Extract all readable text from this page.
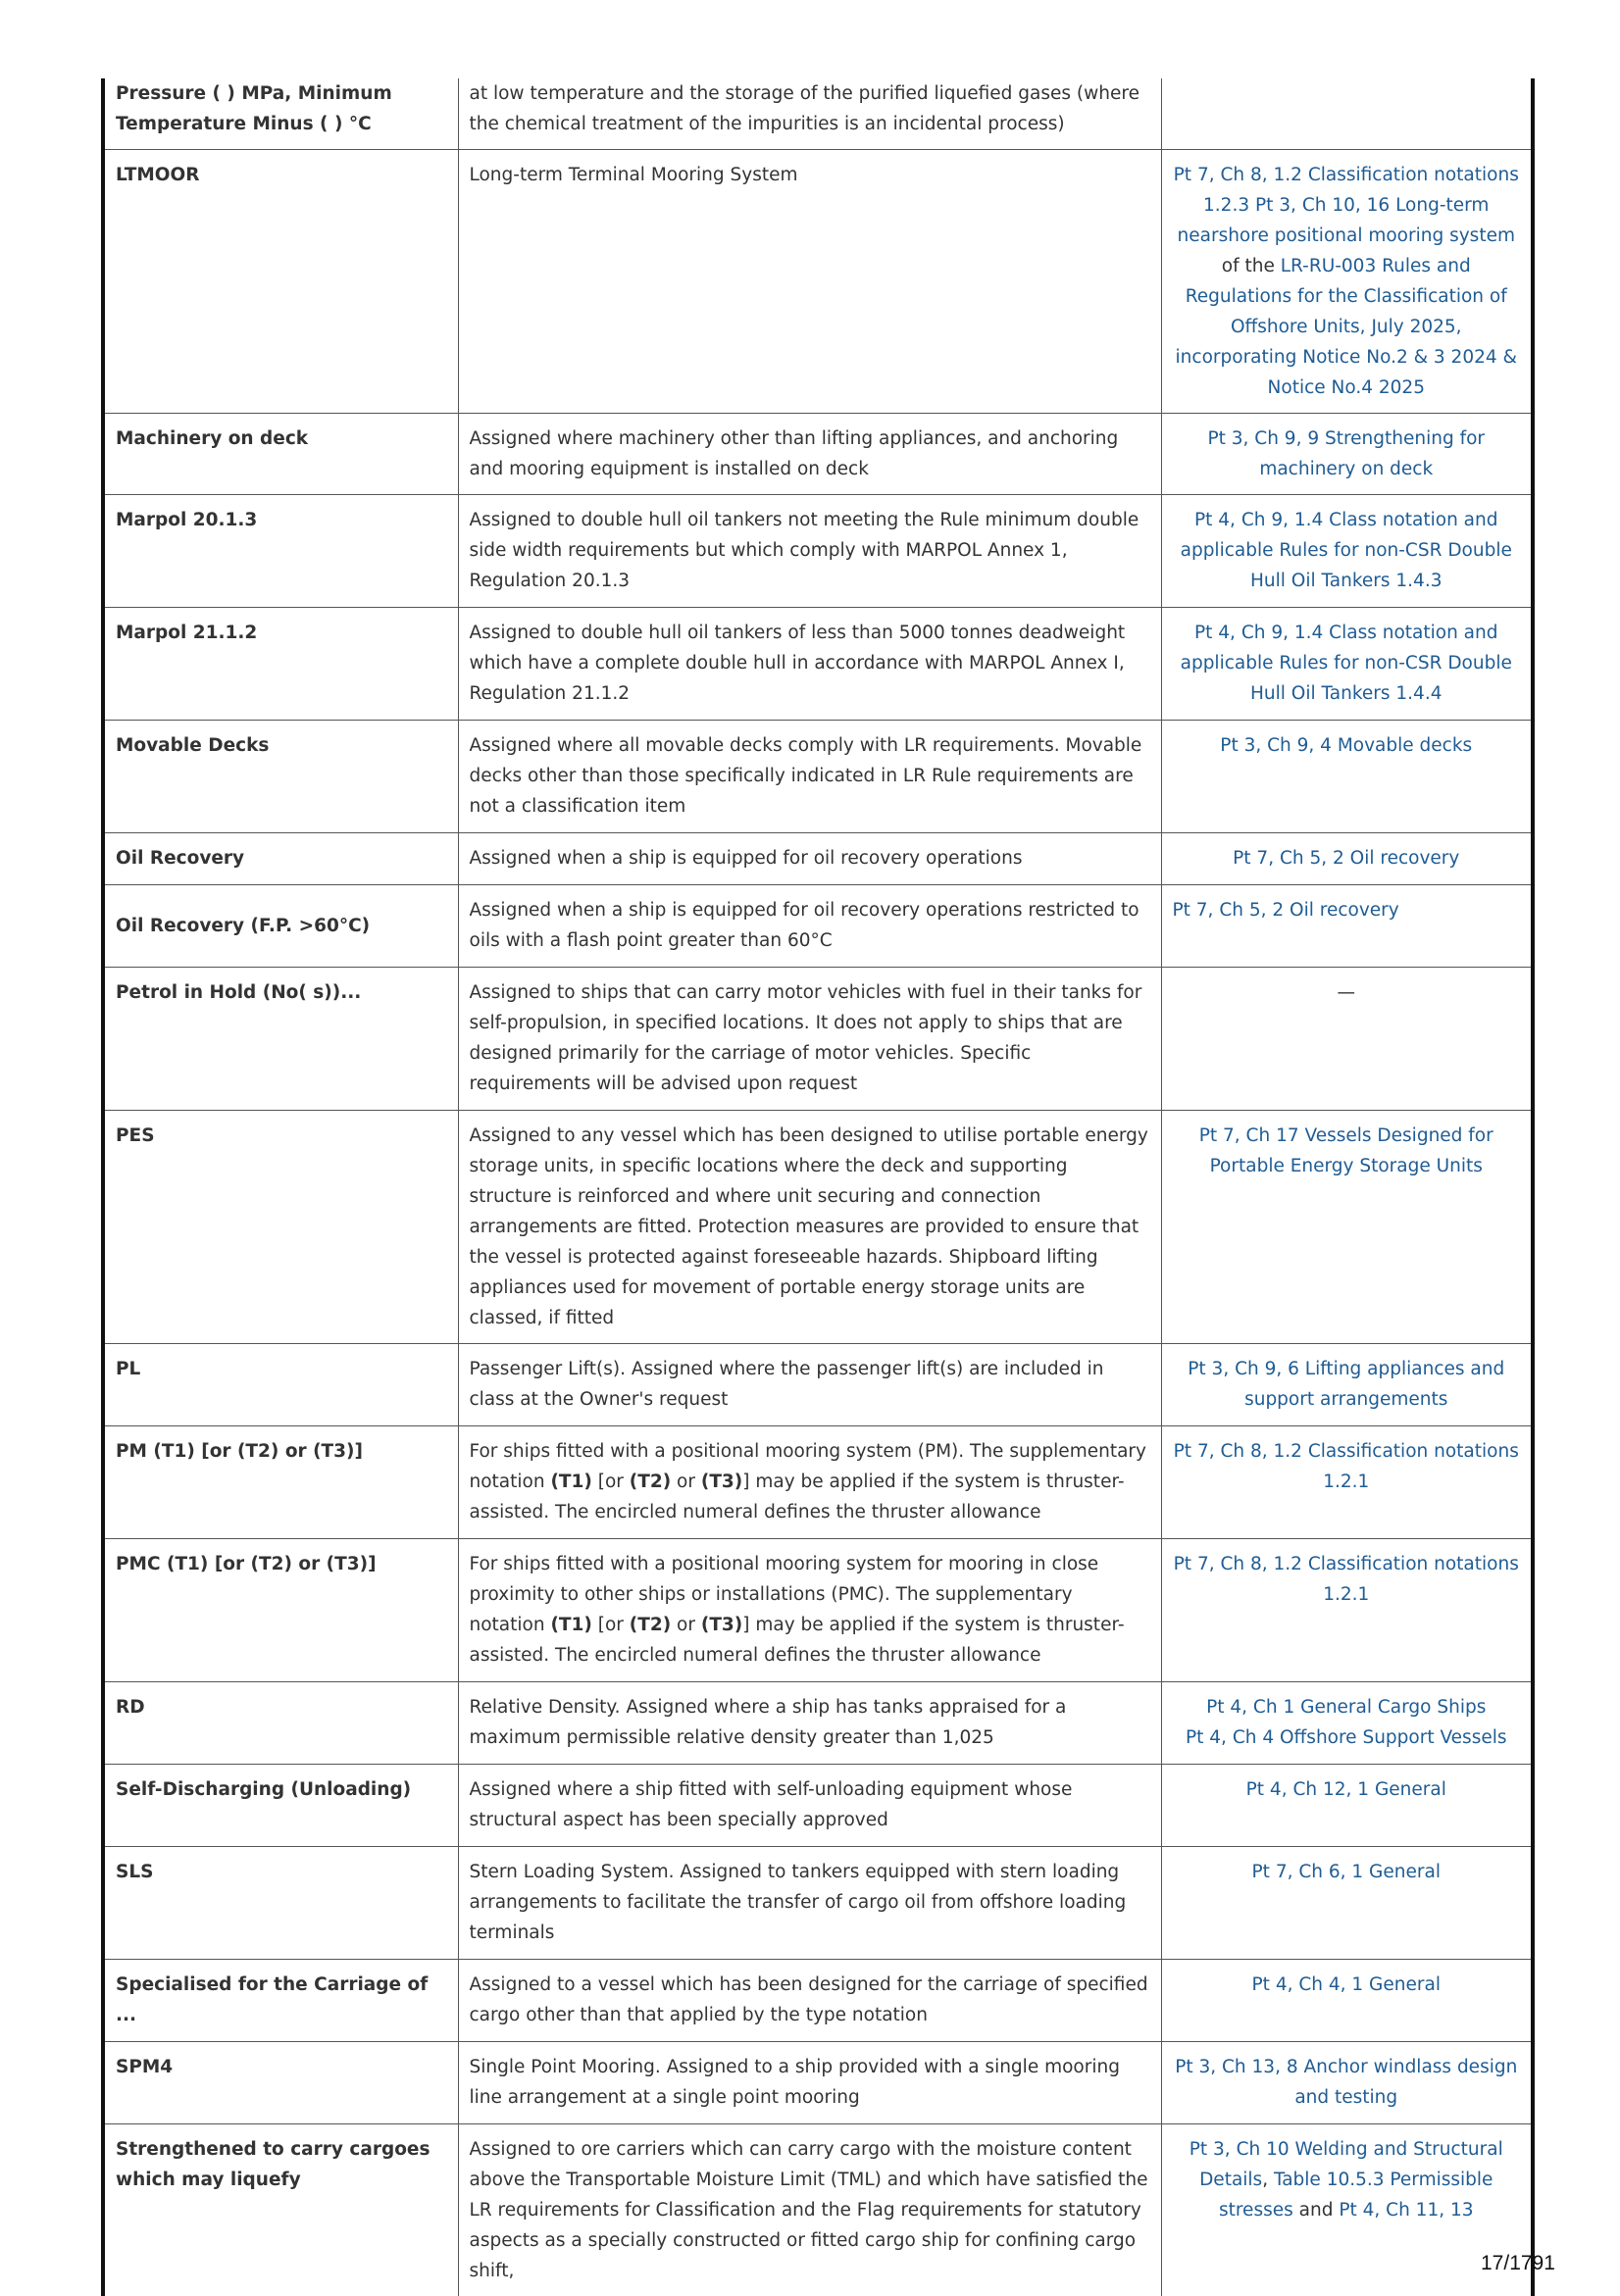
Pressure ( ) MPa, Minimum Temperature Minus ( ) °C	at low temperature and the storage of the purified liquefied gases (where the chemical treatment of the impurities is an incidental process)	
LTMOOR	Long-term Terminal Mooring System	Pt 7, Ch 8, 1.2 Classification notations 1.2.3 Pt 3, Ch 10, 16 Long-term nearshore positional mooring system of the LR-RU-003 Rules and Regulations for the Classification of Offshore Units, July 2025, incorporating Notice No.2 & 3 2024 & Notice No.4 2025
Machinery on deck	Assigned where machinery other than lifting appliances, and anchoring and mooring equipment is installed on deck	Pt 3, Ch 9, 9 Strengthening for machinery on deck
Marpol 20.1.3	Assigned to double hull oil tankers not meeting the Rule minimum double side width requirements but which comply with MARPOL Annex 1, Regulation 20.1.3	Pt 4, Ch 9, 1.4 Class notation and applicable Rules for non-CSR Double Hull Oil Tankers 1.4.3
Marpol 21.1.2	Assigned to double hull oil tankers of less than 5000 tonnes deadweight which have a complete double hull in accordance with MARPOL Annex I, Regulation 21.1.2	Pt 4, Ch 9, 1.4 Class notation and applicable Rules for non-CSR Double Hull Oil Tankers 1.4.4
Movable Decks	Assigned where all movable decks comply with LR requirements. Movable decks other than those specifically indicated in LR Rule requirements are not a classification item	Pt 3, Ch 9, 4 Movable decks
Oil Recovery	Assigned when a ship is equipped for oil recovery operations	Pt 7, Ch 5, 2 Oil recovery
Oil Recovery (F.P. >60°C)	Assigned when a ship is equipped for oil recovery operations restricted to oils with a flash point greater than 60°C	Pt 7, Ch 5, 2 Oil recovery
Petrol in Hold (No( s))...	Assigned to ships that can carry motor vehicles with fuel in their tanks for self-propulsion, in specified locations. It does not apply to ships that are designed primarily for the carriage of motor vehicles. Specific requirements will be advised upon request	—
PES	Assigned to any vessel which has been designed to utilise portable energy storage units, in specific locations where the deck and supporting structure is reinforced and where unit securing and connection arrangements are fitted. Protection measures are provided to ensure that the vessel is protected against foreseeable hazards. Shipboard lifting appliances used for movement of portable energy storage units are classed, if fitted	Pt 7, Ch 17 Vessels Designed for Portable Energy Storage Units
PL	Passenger Lift(s). Assigned where the passenger lift(s) are included in class at the Owner's request	Pt 3, Ch 9, 6 Lifting appliances and support arrangements
PM (T1) [or (T2) or (T3)]	For ships fitted with a positional mooring system (PM). The supplementary notation (T1) [or (T2) or (T3)] may be applied if the system is thruster-assisted. The encircled numeral defines the thruster allowance	Pt 7, Ch 8, 1.2 Classification notations 1.2.1
PMC (T1) [or (T2) or (T3)]	For ships fitted with a positional mooring system for mooring in close proximity to other ships or installations (PMC). The supplementary notation (T1) [or (T2) or (T3)] may be applied if the system is thruster-assisted. The encircled numeral defines the thruster allowance	Pt 7, Ch 8, 1.2 Classification notations 1.2.1
RD	Relative Density. Assigned where a ship has tanks appraised for a maximum permissible relative density greater than 1,025	Pt 4, Ch 1 General Cargo Ships
Pt 4, Ch 4 Offshore Support Vessels
Self-Discharging (Unloading)	Assigned where a ship fitted with self-unloading equipment whose structural aspect has been specially approved	Pt 4, Ch 12, 1 General
SLS	Stern Loading System. Assigned to tankers equipped with stern loading arrangements to facilitate the transfer of cargo oil from offshore loading terminals	Pt 7, Ch 6, 1 General
Specialised for the Carriage of ...	Assigned to a vessel which has been designed for the carriage of specified cargo other than that applied by the type notation	Pt 4, Ch 4, 1 General
SPM4	Single Point Mooring. Assigned to a ship provided with a single mooring line arrangement at a single point mooring	Pt 3, Ch 13, 8 Anchor windlass design and testing
Strengthened to carry cargoes which may liquefy	Assigned to ore carriers which can carry cargo with the moisture content above the Transportable Moisture Limit (TML) and which have satisfied the LR requirements for Classification and the Flag requirements for statutory aspects as a specially constructed or fitted cargo ship for confining cargo shift,	Pt 3, Ch 10 Welding and Structural Details, Table 10.5.3 Permissible stresses and Pt 4, Ch 11, 13
17/1791
